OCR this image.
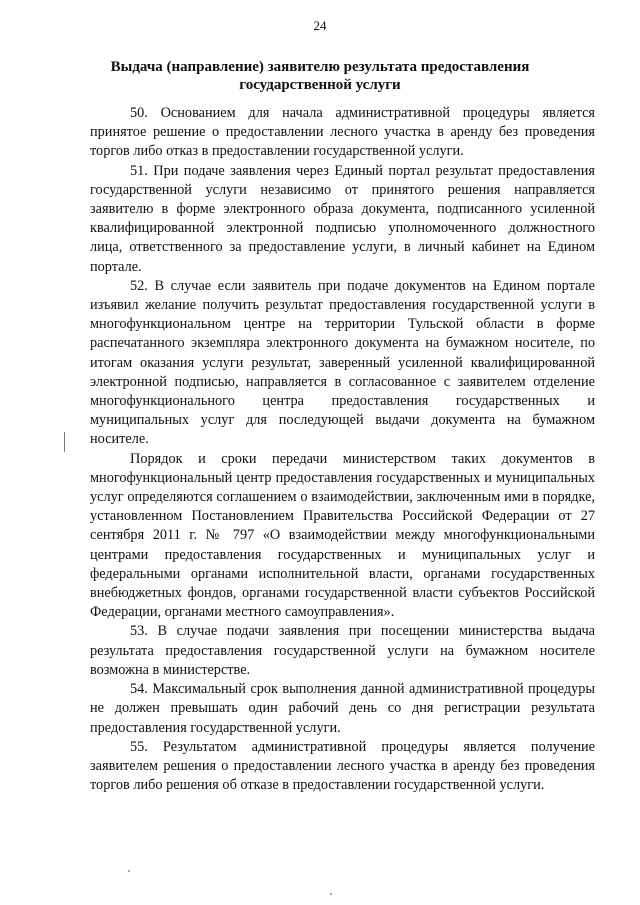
24
Выдача (направление) заявителю результата предоставления государственной услуги

50. Основанием для начала административной процедуры является принятое решение о предоставлении лесного участка в аренду без проведения торгов либо отказ в предоставлении государственной услуги.

51. При подаче заявления через Единый портал результат предоставления государственной услуги независимо от принятого решения направляется заявителю в форме электронного образа документа, подписанного усиленной квалифицированной электронной подписью уполномоченного должностного лица, ответственного за предоставление услуги, в личный кабинет на Едином портале.

52. В случае если заявитель при подаче документов на Едином портале изъявил желание получить результат предоставления государственной услуги в многофункциональном центре на территории Тульской области в форме распечатанного экземпляра электронного документа на бумажном носителе, по итогам оказания услуги результат, заверенный усиленной квалифицированной электронной подписью, направляется в согласованное с заявителем отделение многофункционального центра предоставления государственных и муниципальных услуг для последующей выдачи документа на бумажном носителе.

Порядок и сроки передачи министерством таких документов в многофункциональный центр предоставления государственных и муниципальных услуг определяются соглашением о взаимодействии, заключенным ими в порядке, установленном Постановлением Правительства Российской Федерации от 27 сентября 2011 г. № 797 «О взаимодействии между многофункциональными центрами предоставления государственных и муниципальных услуг и федеральными органами исполнительной власти, органами государственных внебюджетных фондов, органами государственной власти субъектов Российской Федерации, органами местного самоуправления».

53. В случае подачи заявления при посещении министерства выдача результата предоставления государственной услуги на бумажном носителе возможна в министерстве.

54. Максимальный срок выполнения данной административной процедуры не должен превышать один рабочий день со дня регистрации результата предоставления государственной услуги.

55. Результатом административной процедуры является получение заявителем решения о предоставлении лесного участка в аренду без проведения торгов либо решения об отказе в предоставлении государственной услуги.
